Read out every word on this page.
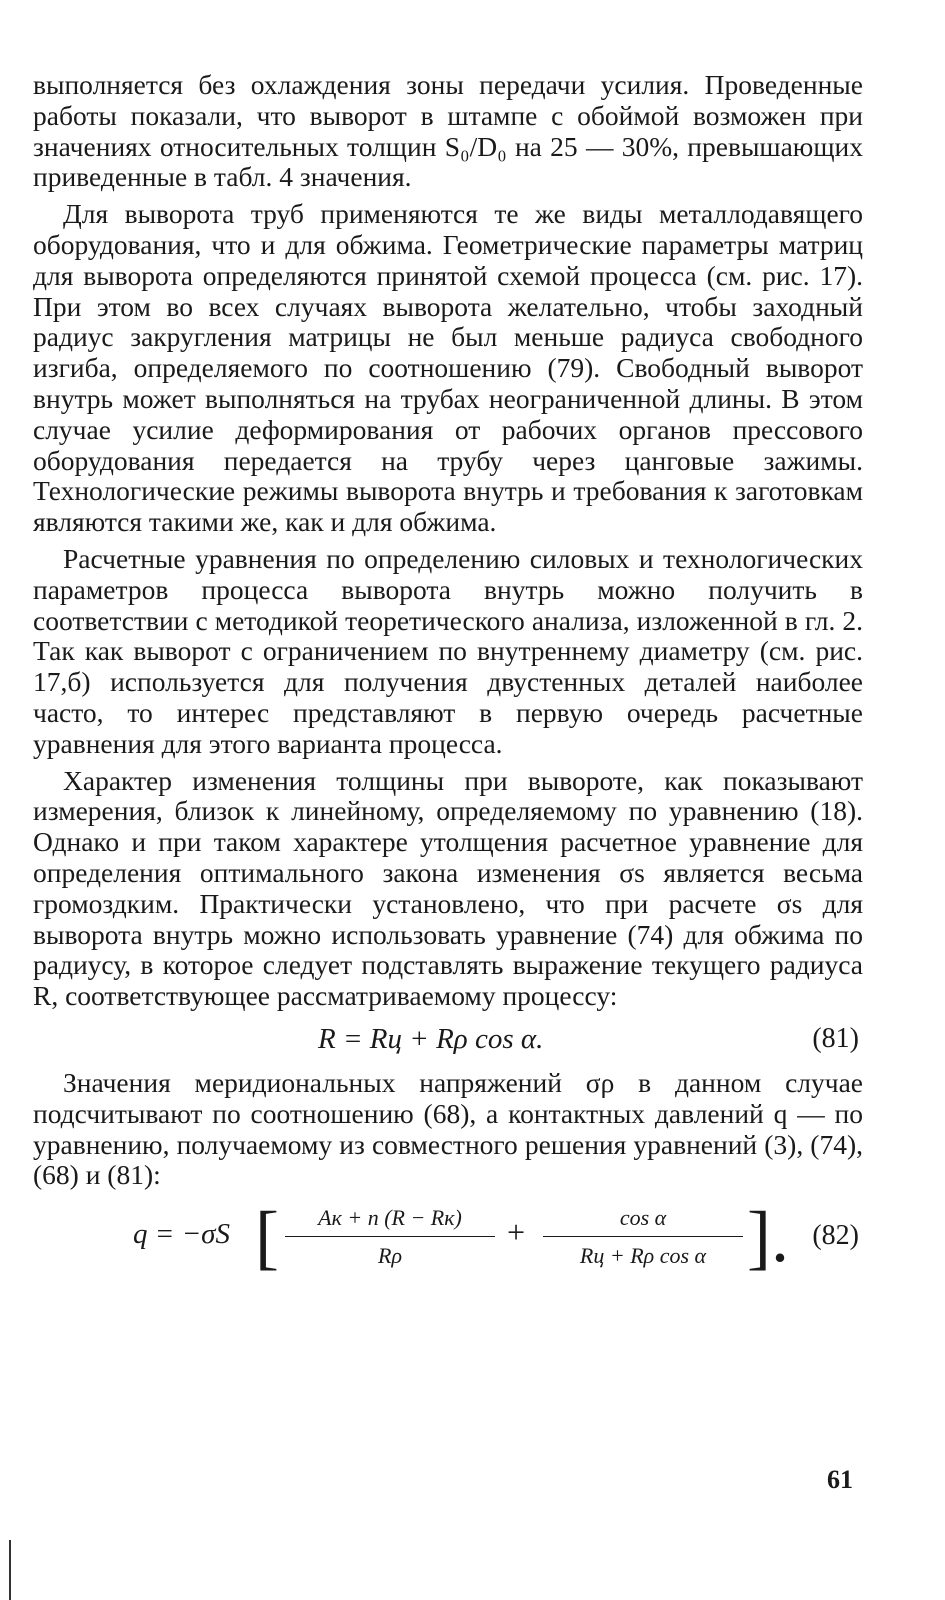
выполняется без охлаждения зоны передачи усилия. Проведенные работы показали, что выворот в штампе с обоймой возможен при значениях относительных толщин S₀/D₀ на 25 — 30%, превышающих приведенные в табл. 4 значения.

Для выворота труб применяются те же виды металлодавящего оборудования, что и для обжима. Геометрические параметры матриц для выворота определяются принятой схемой процесса (см. рис. 17). При этом во всех случаях выворота желательно, чтобы заходный радиус закругления матрицы не был меньше радиуса свободного изгиба, определяемого по соотношению (79). Свободный выворот внутрь может выполняться на трубах неограниченной длины. В этом случае усилие деформирования от рабочих органов прессового оборудования передается на трубу через цанговые зажимы. Технологические режимы выворота внутрь и требования к заготовкам являются такими же, как и для обжима.

Расчетные уравнения по определению силовых и технологических параметров процесса выворота внутрь можно получить в соответствии с методикой теоретического анализа, изложенной в гл. 2. Так как выворот с ограничением по внутреннему диаметру (см. рис. 17,б) используется для получения двустенных деталей наиболее часто, то интерес представляют в первую очередь расчетные уравнения для этого варианта процесса.

Характер изменения толщины при вывороте, как показывают измерения, близок к линейному, определяемому по уравнению (18). Однако и при таком характере утолщения расчетное уравнение для определения оптимального закона изменения σs является весьма громоздким. Практически установлено, что при расчете σs для выворота внутрь можно использовать уравнение (74) для обжима по радиусу, в которое следует подставлять выражение текущего радиуса R, соответствующее рассматриваемому процессу:

R = Rц + Rρ cos α.	(81)

Значения меридиональных напряжений σρ в данном случае подсчитывают по соотношению (68), а контактных давлений q — по уравнению, получаемому из совместного решения уравнений (3), (74), (68) и (81):

q = −σS [	Aк + n (R − Rк)
Rρ
+	cos α
Rц + Rρ cos α ]. (82)
61
